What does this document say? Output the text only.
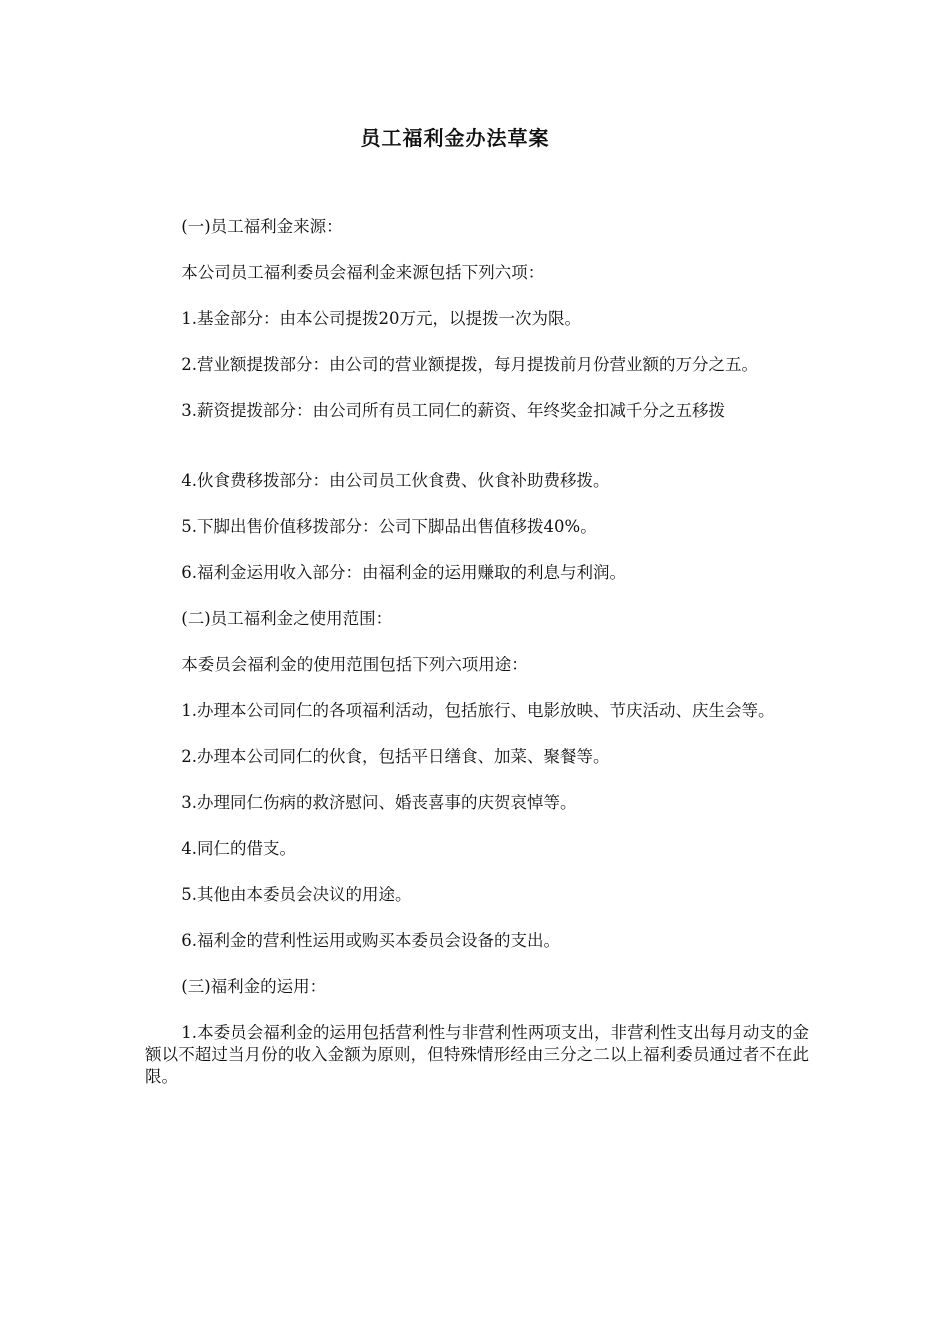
员工福利金办法草案

(一)员工福利金来源：

本公司员工福利委员会福利金来源包括下列六项：

1.基金部分：由本公司提拨20万元，以提拨一次为限。

2.营业额提拨部分：由公司的营业额提拨，每月提拨前月份营业额的万分之五。

3.薪资提拨部分：由公司所有员工同仁的薪资、年终奖金扣减千分之五移拨

4.伙食费移拨部分：由公司员工伙食费、伙食补助费移拨。

5.下脚出售价值移拨部分：公司下脚品出售值移拨40%。

6.福利金运用收入部分：由福利金的运用赚取的利息与利润。

(二)员工福利金之使用范围：

本委员会福利金的使用范围包括下列六项用途：

1.办理本公司同仁的各项福利活动，包括旅行、电影放映、节庆活动、庆生会等。

2.办理本公司同仁的伙食，包括平日缮食、加菜、聚餐等。

3.办理同仁伤病的救济慰问、婚丧喜事的庆贺哀悼等。

4.同仁的借支。

5.其他由本委员会决议的用途。

6.福利金的营利性运用或购买本委员会设备的支出。

(三)福利金的运用：

1.本委员会福利金的运用包括营利性与非营利性两项支出，非营利性支出每月动支的金额以不超过当月份的收入金额为原则，但特殊情形经由三分之二以上福利委员通过者不在此限。
